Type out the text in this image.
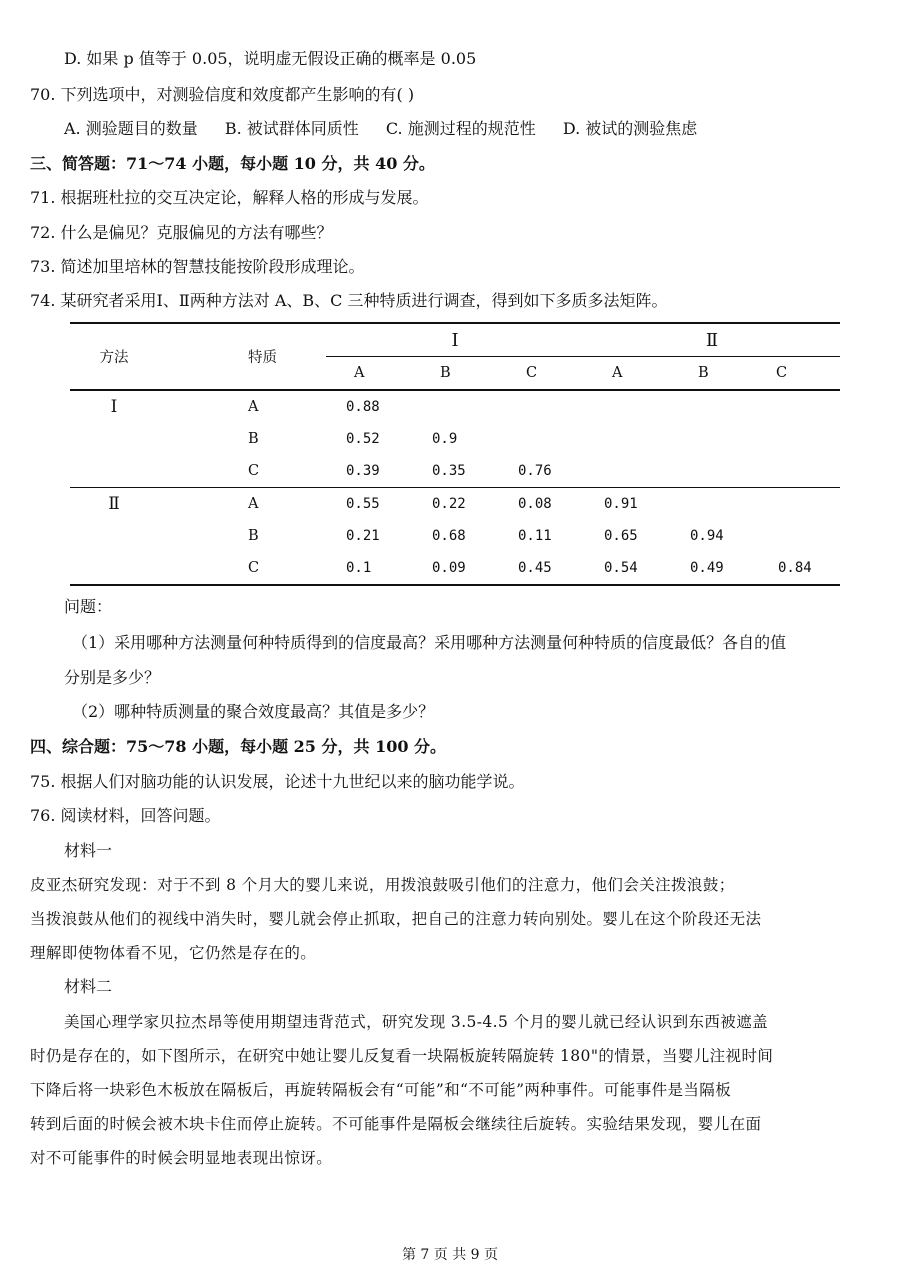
D. 如果 p 值等于 0.05，说明虚无假设正确的概率是 0.05
70. 下列选项中，对测验信度和效度都产生影响的有( )
A. 测验题目的数量 B. 被试群体同质性 C. 施测过程的规范性 D. 被试的测验焦虑
三、简答题：71～74 小题，每小题 10 分，共 40 分。
71. 根据班杜拉的交互决定论，解释人格的形成与发展。
72. 什么是偏见？克服偏见的方法有哪些？
73. 简述加里培林的智慧技能按阶段形成理论。
74. 某研究者采用Ⅰ、Ⅱ两种方法对 A、B、C 三种特质进行调查，得到如下多质多法矩阵。
方法	特质	Ⅰ			Ⅱ		
		A	B	C	A	B	C
Ⅰ	A	0.88					
	B	0.52	0.9				
	C	0.39	0.35	0.76			
Ⅱ	A	0.55	0.22	0.08	0.91		
	B	0.21	0.68	0.11	0.65	0.94	
	C	0.1	0.09	0.45	0.54	0.49	0.84
问题：
（1）采用哪种方法测量何种特质得到的信度最高？采用哪种方法测量何种特质的信度最低？各自的值
分别是多少？
（2）哪种特质测量的聚合效度最高？其值是多少？
四、综合题：75～78 小题，每小题 25 分，共 100 分。
75. 根据人们对脑功能的认识发展，论述十九世纪以来的脑功能学说。
76. 阅读材料，回答问题。
材料一
皮亚杰研究发现：对于不到 8 个月大的婴儿来说，用拨浪鼓吸引他们的注意力，他们会关注拨浪鼓；
当拨浪鼓从他们的视线中消失时，婴儿就会停止抓取，把自己的注意力转向别处。婴儿在这个阶段还无法
理解即使物体看不见，它仍然是存在的。
材料二
美国心理学家贝拉杰昂等使用期望违背范式，研究发现 3.5-4.5 个月的婴儿就已经认识到东西被遮盖
时仍是存在的，如下图所示，在研究中她让婴儿反复看一块隔板旋转隔旋转 180"的情景，当婴儿注视时间
下降后将一块彩色木板放在隔板后，再旋转隔板会有“可能”和“不可能”两种事件。可能事件是当隔板
转到后面的时候会被木块卡住而停止旋转。不可能事件是隔板会继续往后旋转。实验结果发现，婴儿在面
对不可能事件的时候会明显地表现出惊讶。
第 7 页 共 9 页
